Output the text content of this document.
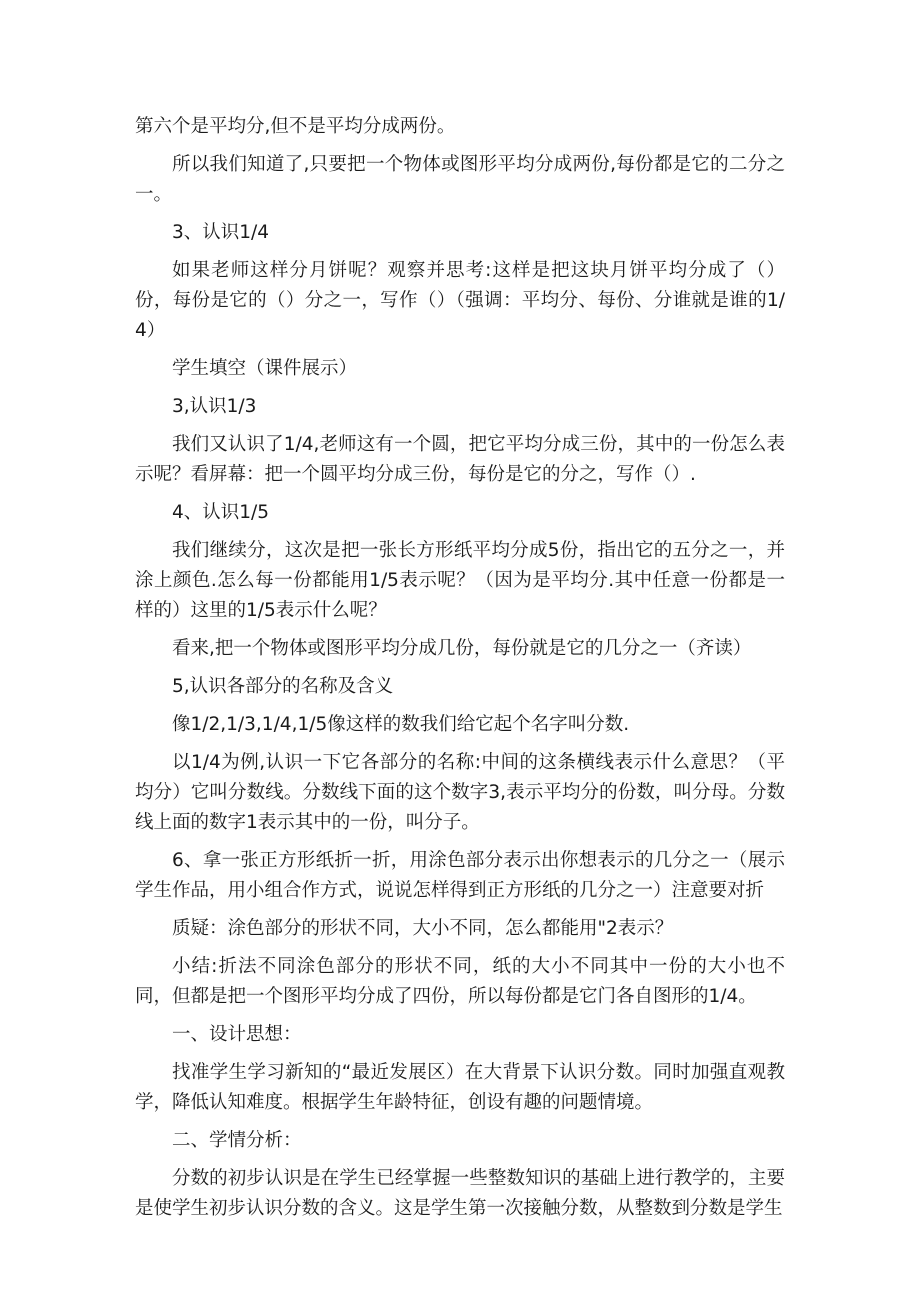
第六个是平均分,但不是平均分成两份。

所以我们知道了,只要把一个物体或图形平均分成两份,每份都是它的二分之一。

3、认识1/4

如果老师这样分月饼呢？观察并思考:这样是把这块月饼平均分成了（）份，每份是它的（）分之一，写作（）（强调：平均分、每份、分谁就是谁的1/4）

学生填空（课件展示）

3,认识1/3

我们又认识了1/4,老师这有一个圆，把它平均分成三份，其中的一份怎么表示呢？看屏幕：把一个圆平均分成三份，每份是它的分之，写作（）.

4、认识1/5

我们继续分，这次是把一张长方形纸平均分成5份，指出它的五分之一，并涂上颜色.怎么每一份都能用1/5表示呢？（因为是平均分.其中任意一份都是一样的）这里的1/5表示什么呢？

看来,把一个物体或图形平均分成几份，每份就是它的几分之一（齐读）

5,认识各部分的名称及含义

像1/2,1/3,1/4,1/5像这样的数我们给它起个名字叫分数.

以1/4为例,认识一下它各部分的名称:中间的这条横线表示什么意思？（平均分）它叫分数线。分数线下面的这个数字3,表示平均分的份数，叫分母。分数线上面的数字1表示其中的一份，叫分子。

6、拿一张正方形纸折一折，用涂色部分表示出你想表示的几分之一（展示学生作品，用小组合作方式，说说怎样得到正方形纸的几分之一）注意要对折

质疑：涂色部分的形状不同，大小不同，怎么都能用"2表示？

小结:折法不同涂色部分的形状不同，纸的大小不同其中一份的大小也不同，但都是把一个图形平均分成了四份，所以每份都是它门各自图形的1/4。

一、设计思想：

找准学生学习新知的“最近发展区）在大背景下认识分数。同时加强直观教学，降低认知难度。根据学生年龄特征，创设有趣的问题情境。

二、学情分析：

分数的初步认识是在学生已经掌握一些整数知识的基础上进行教学的，主要是使学生初步认识分数的含义。这是学生第一次接触分数，从整数到分数是学生
